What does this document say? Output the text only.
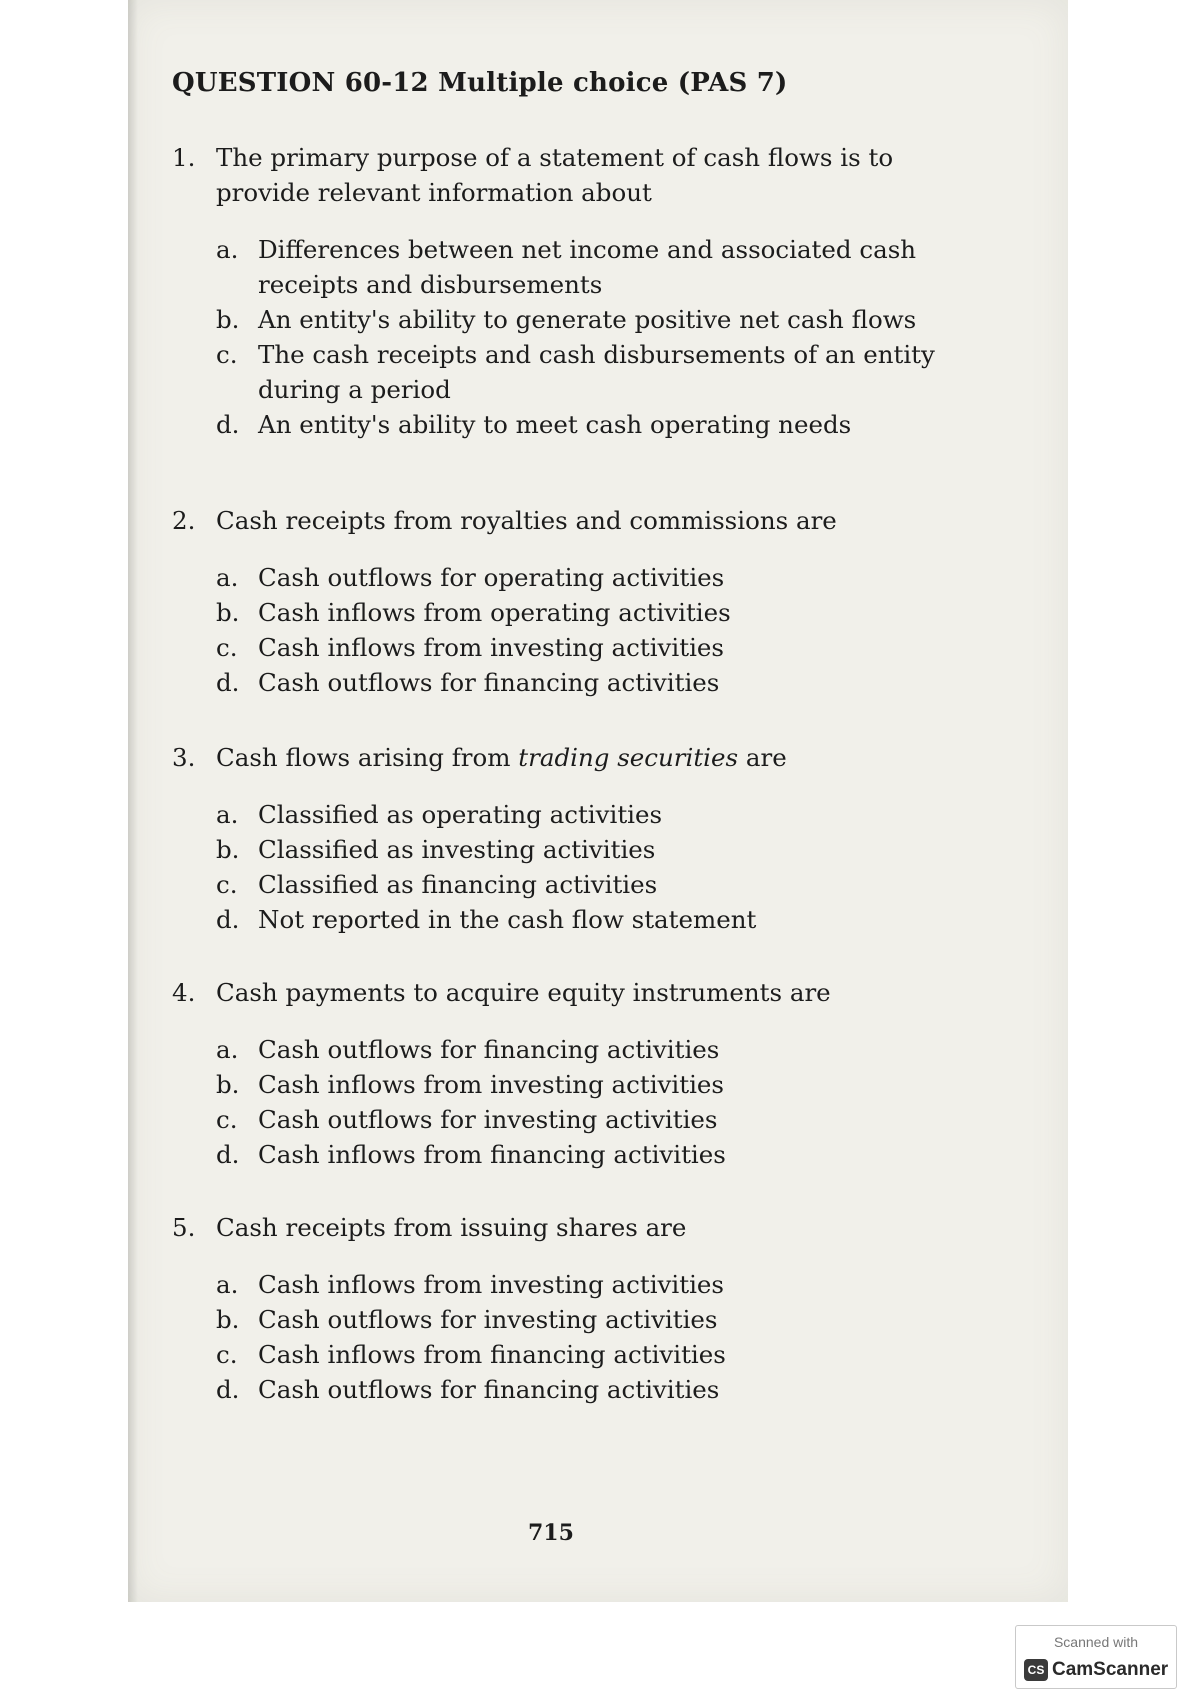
QUESTION 60-12 Multiple choice (PAS 7)
1. The primary purpose of a statement of cash flows is to provide relevant information about
a. Differences between net income and associated cash receipts and disbursements
b. An entity's ability to generate positive net cash flows
c. The cash receipts and cash disbursements of an entity during a period
d. An entity's ability to meet cash operating needs
2. Cash receipts from royalties and commissions are
a. Cash outflows for operating activities
b. Cash inflows from operating activities
c. Cash inflows from investing activities
d. Cash outflows for financing activities
3. Cash flows arising from trading securities are
a. Classified as operating activities
b. Classified as investing activities
c. Classified as financing activities
d. Not reported in the cash flow statement
4. Cash payments to acquire equity instruments are
a. Cash outflows for financing activities
b. Cash inflows from investing activities
c. Cash outflows for investing activities
d. Cash inflows from financing activities
5. Cash receipts from issuing shares are
a. Cash inflows from investing activities
b. Cash outflows for investing activities
c. Cash inflows from financing activities
d. Cash outflows for financing activities
715
Scanned with
CS CamScanner
